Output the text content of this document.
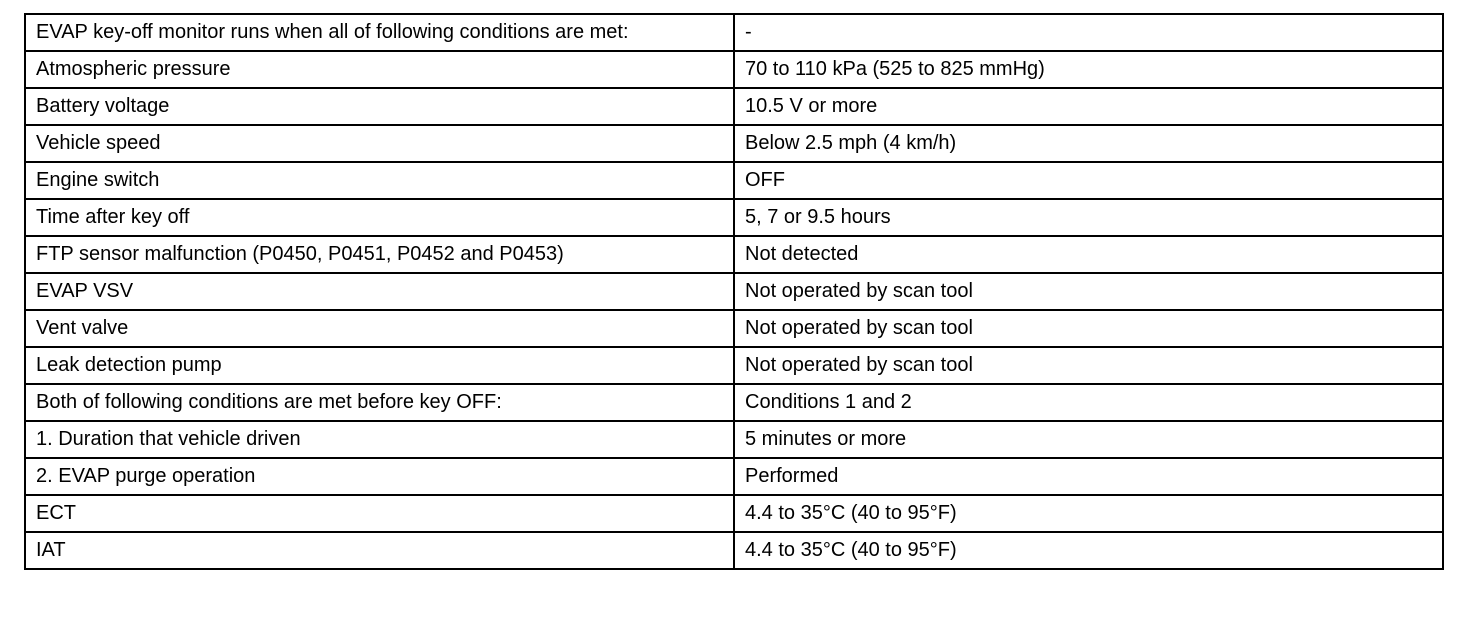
EVAP key-off monitor runs when all of following conditions are met:	-
Atmospheric pressure	70 to 110 kPa (525 to 825 mmHg)
Battery voltage	10.5 V or more
Vehicle speed	Below 2.5 mph (4 km/h)
Engine switch	OFF
Time after key off	5, 7 or 9.5 hours
FTP sensor malfunction (P0450, P0451, P0452 and P0453)	Not detected
EVAP VSV	Not operated by scan tool
Vent valve	Not operated by scan tool
Leak detection pump	Not operated by scan tool
Both of following conditions are met before key OFF:	Conditions 1 and 2
1. Duration that vehicle driven	5 minutes or more
2. EVAP purge operation	Performed
ECT	4.4 to 35°C (40 to 95°F)
IAT	4.4 to 35°C (40 to 95°F)
